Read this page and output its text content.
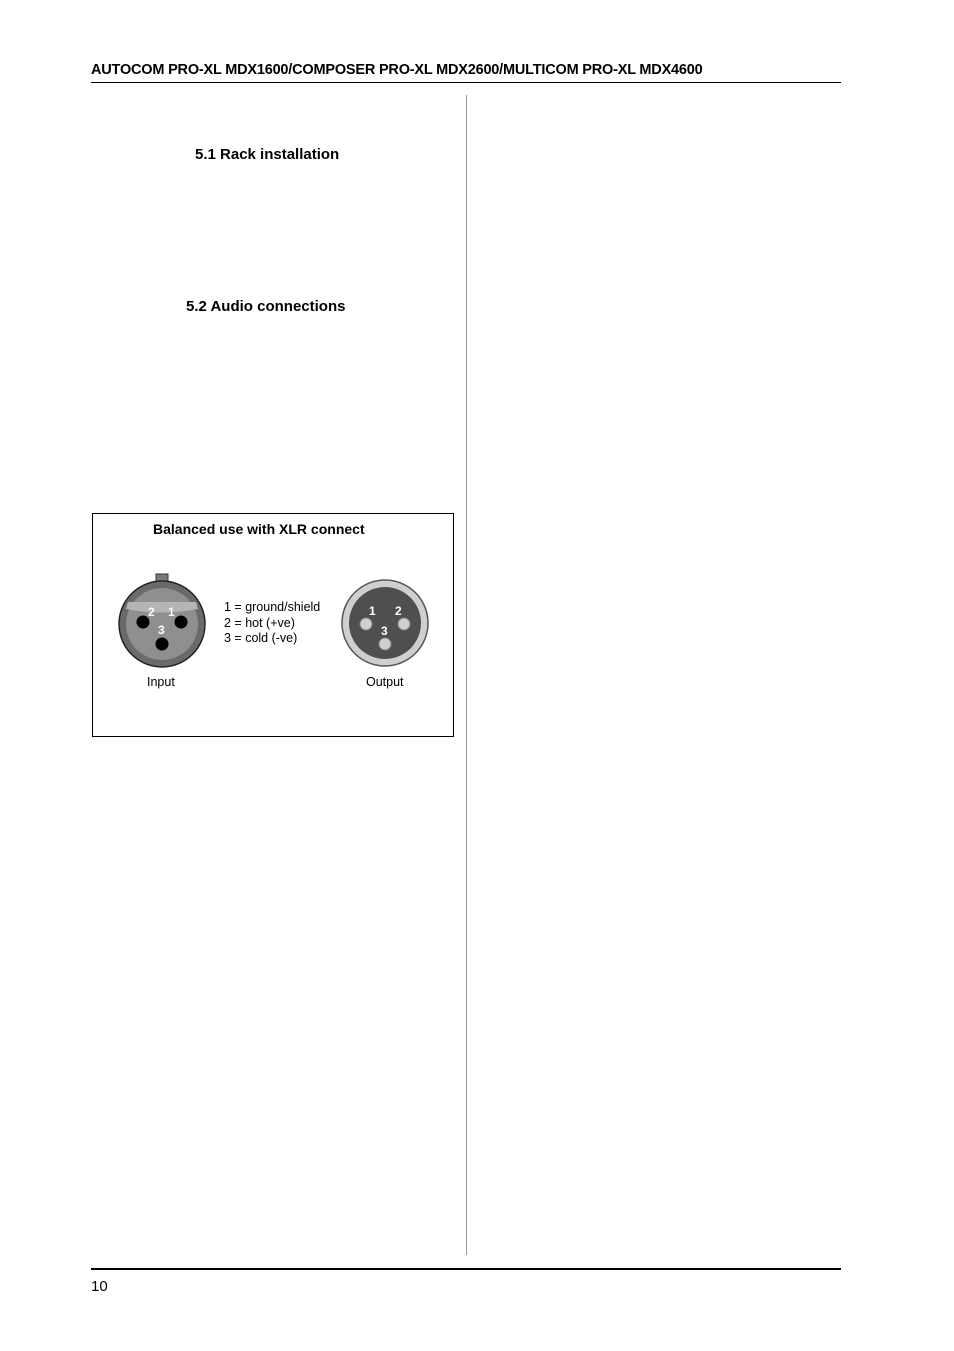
AUTOCOM PRO-XL MDX1600/COMPOSER PRO-XL MDX2600/MULTICOM PRO-XL MDX4600
5.1 Rack installation
5.2 Audio connections
Balanced use with XLR connect
2 1
3
1 2
3
1 = ground/shield
2 = hot (+ve)
3 = cold (-ve)
Input	Output
10
